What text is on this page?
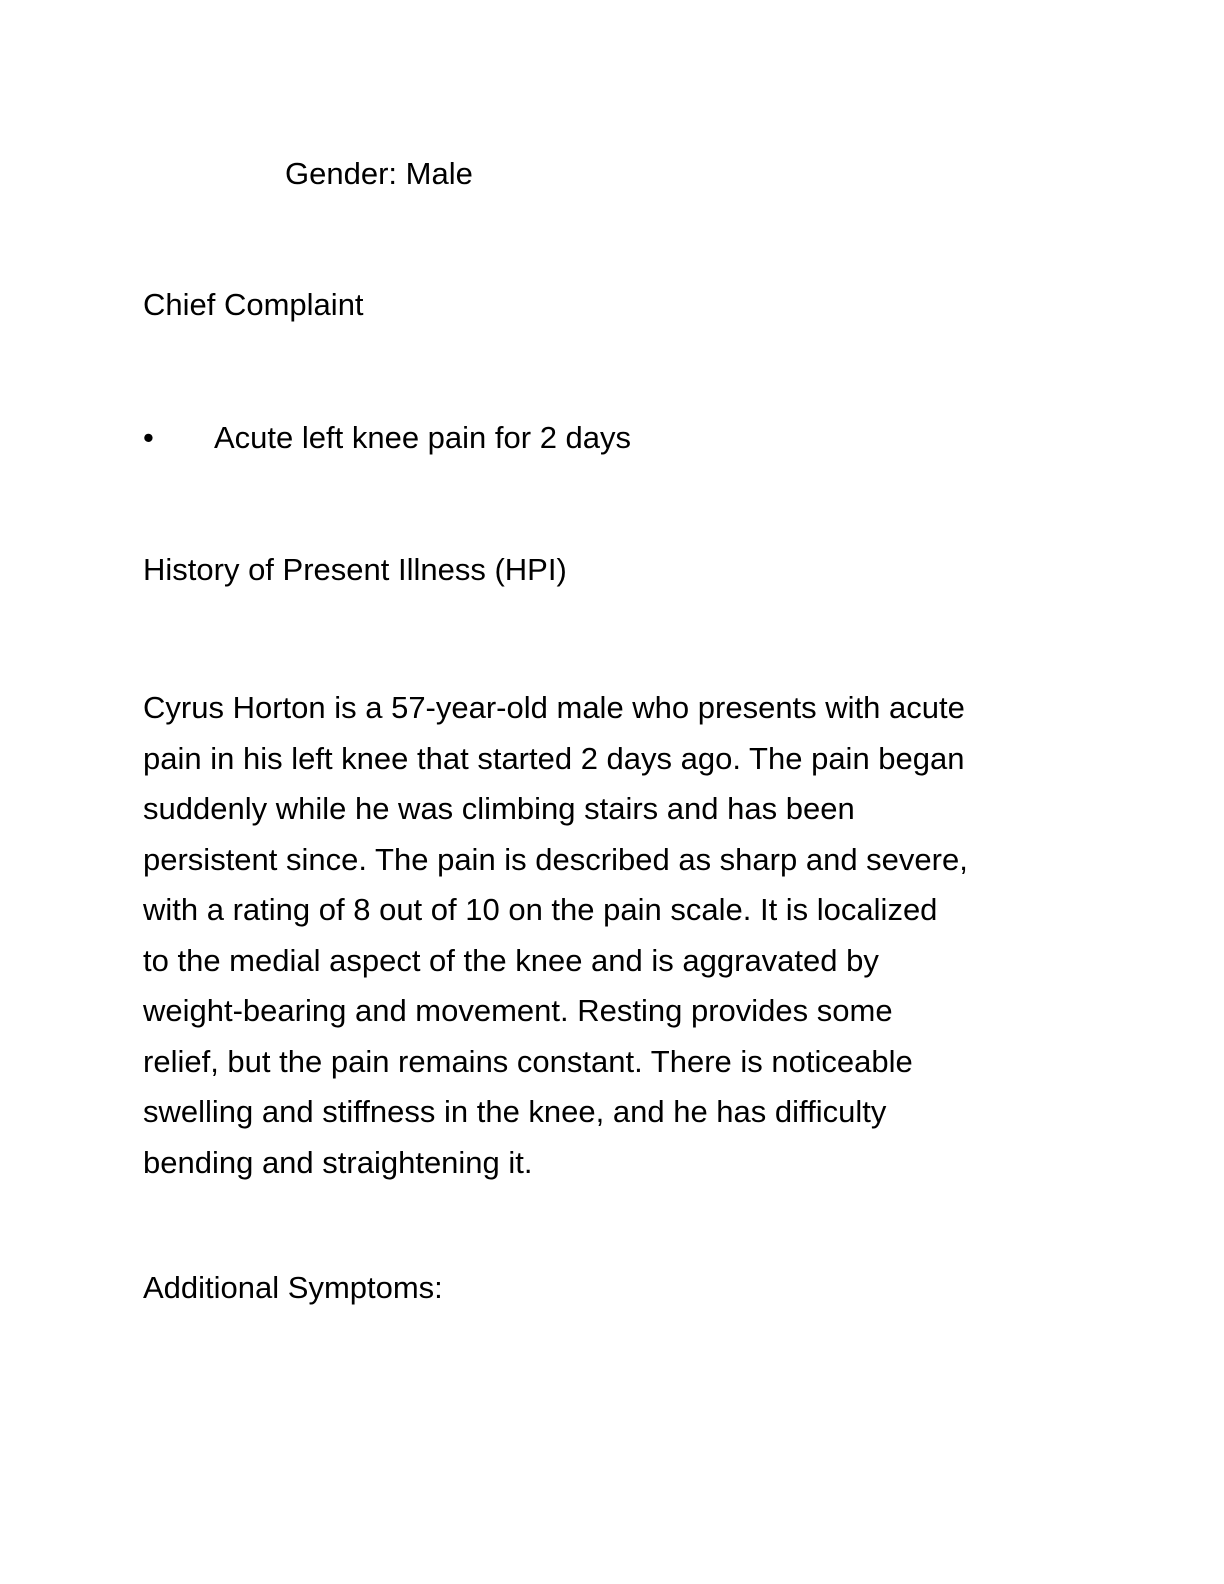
Gender: Male

Chief Complaint

• Acute left knee pain for 2 days

History of Present Illness (HPI)

Cyrus Horton is a 57-year-old male who presents with acute
pain in his left knee that started 2 days ago. The pain began
suddenly while he was climbing stairs and has been
persistent since. The pain is described as sharp and severe,
with a rating of 8 out of 10 on the pain scale. It is localized
to the medial aspect of the knee and is aggravated by
weight-bearing and movement. Resting provides some
relief, but the pain remains constant. There is noticeable
swelling and stiffness in the knee, and he has difficulty
bending and straightening it.

Additional Symptoms:
